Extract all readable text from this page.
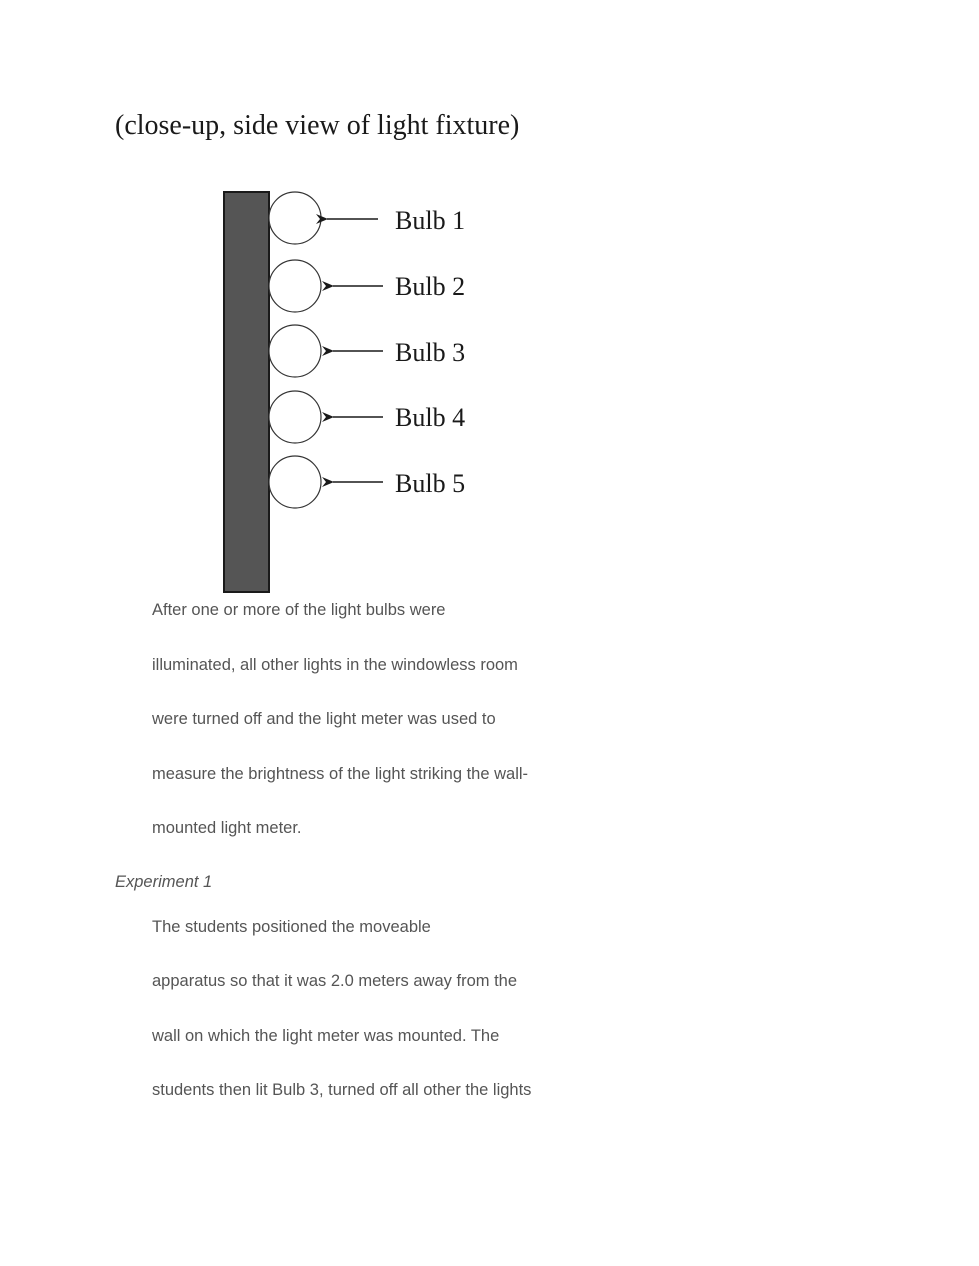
(close-up, side view of light fixture)
Bulb 1
Bulb 2
Bulb 3
Bulb 4
Bulb 5

After one or more of the light bulbs were

illuminated, all other lights in the windowless room

were turned off and the light meter was used to

measure the brightness of the light striking the wall-

mounted light meter.

Experiment 1

The students positioned the moveable

apparatus so that it was 2.0 meters away from the

wall on which the light meter was mounted. The

students then lit Bulb 3, turned off all other the lights
